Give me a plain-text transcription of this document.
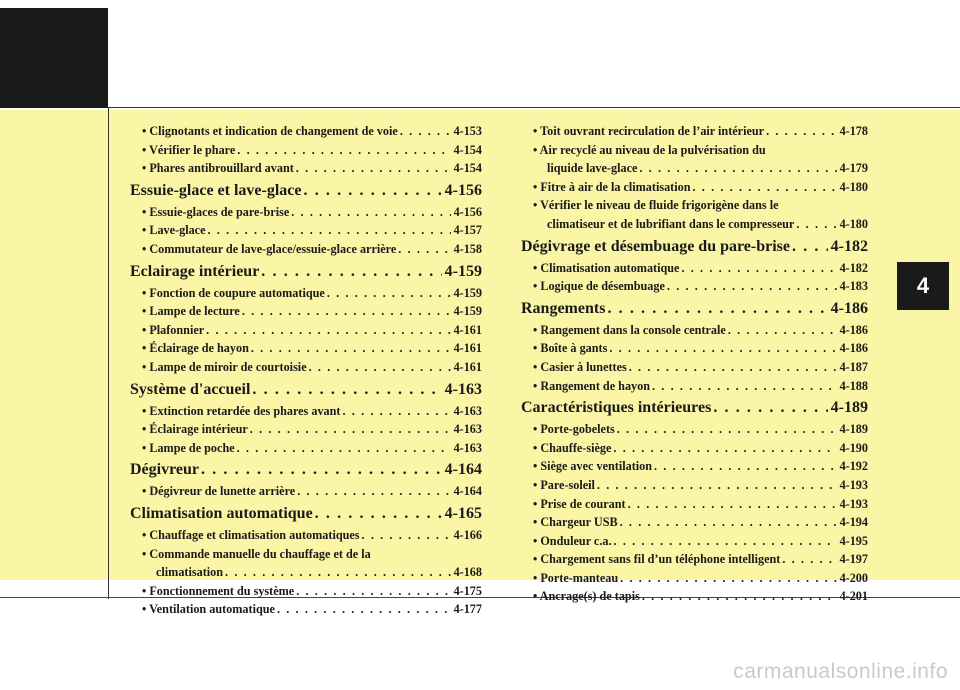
4
• Clignotants et indication de changement de voie . . .	4-153
• Vérifier le phare . . .	4-154
• Phares antibrouillard avant . . .	4-154
Essuie-glace et lave-glace . . .	4-156
• Essuie-glaces de pare-brise . . .	4-156
• Lave-glace . . .	4-157
• Commutateur de lave-glace/essuie-glace arrière . . .	4-158
Eclairage intérieur . . .	4-159
• Fonction de coupure automatique . . .	4-159
• Lampe de lecture . . .	4-159
• Plafonnier . . .	4-161
• Éclairage de hayon . . .	4-161
• Lampe de miroir de courtoisie . . .	4-161
Système d'accueil . . .	4-163
• Extinction retardée des phares avant . . .	4-163
• Éclairage intérieur . . .	4-163
• Lampe de poche . . .	4-163
Dégivreur . . .	4-164
• Dégivreur de lunette arrière . . .	4-164
Climatisation automatique . . .	4-165
• Chauffage et climatisation automatiques . . .	4-166
• Commande manuelle du chauffage et de la
climatisation . . .	4-168
• Fonctionnement du système . . .	4-175
• Ventilation automatique . . .	4-177
• Toit ouvrant recirculation de l’air intérieur . . .	4-178
• Air recyclé au niveau de la pulvérisation du
liquide lave-glace . . .	4-179
• Fitre à air de la climatisation . . .	4-180
• Vérifier le niveau de fluide frigorigène dans le
climatiseur et de lubrifiant dans le compresseur . . .	4-180
Dégivrage et désembuage du pare-brise . . .	4-182
• Climatisation automatique . . .	4-182
• Logique de désembuage . . .	4-183
Rangements . . .	4-186
• Rangement dans la console centrale . . .	4-186
• Boîte à gants . . .	4-186
• Casier à lunettes . . .	4-187
• Rangement de hayon . . .	4-188
Caractéristiques intérieures . . .	4-189
• Porte-gobelets . . .	4-189
• Chauffe-siège . . .	4-190
• Siège avec ventilation . . .	4-192
• Pare-soleil . . .	4-193
• Prise de courant . . .	4-193
• Chargeur USB . . .	4-194
• Onduleur c.a. . . .	4-195
• Chargement sans fil d’un téléphone intelligent . . .	4-197
• Porte-manteau . . .	4-200
• Ancrage(s) de tapis . . .	4-201
carmanualsonline.info
